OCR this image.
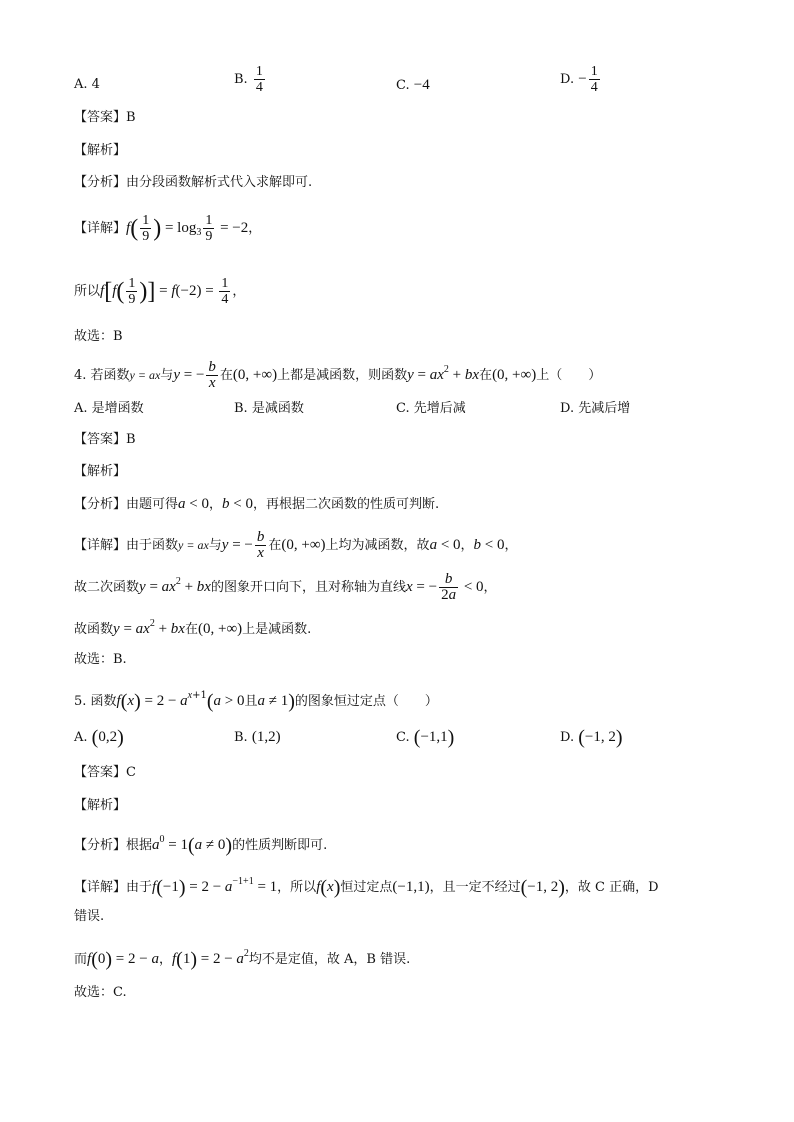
A. 4	B. $\frac{1}{4}$	C. −4	D. − $\frac{1}{4}$
【答案】B
【解析】
【分析】由分段函数解析式代入求解即可.
【详解】$f( \frac{1}{9}$ ) = $\log_3 \frac{1}{9} = -2$，
所以$f[f( \frac{1}{9}$ )] = $f(-2) = \frac{1}{4}$ ，
故选：B
4. 若函数y = ax与y = − $\frac{b}{x}$ 在(0, +∞)上都是减函数，则函数$y = ax^2$ + bx在(0, +∞)上（　　）
A. 是增函数	B. 是减函数	C. 先增后减	D. 先减后增
【答案】B
【解析】
【分析】由题可得a < 0，b < 0，再根据二次函数的性质可判断.
【详解】由于函数y = ax与y = − $\frac{b}{x}$ 在(0, +∞)上均为减函数，故a < 0，b < 0，
故二次函数$y = ax^2$ + bx的图象开口向下，且对称轴为直线x = − $\frac{b}{2a} < 0$，
故函数$y = ax^2$ + bx在(0, +∞)上是减函数.
故选：B.
5. 函数$f(x) = 2 - a^{x+1}(a > 0$且a ≠ 1)的图象恒过定点（　　）
A. (0,2)	B. (1,2)	C. (−1,1)	D. (−1, 2)
【答案】C
【解析】
【分析】根据$a^0 = 1(a \ne 0)$的性质判断即可.
【详解】由于$f(-1) = 2 - a^{-1+1} = 1$，所以f(x)恒过定点(−1,1)，且一定不经过(−1, 2)，故 C 正确，D
错误.
而f(0) = 2 − a，$f(1) = 2 - a^2$均不是定值，故 A，B 错误.
故选：C.
